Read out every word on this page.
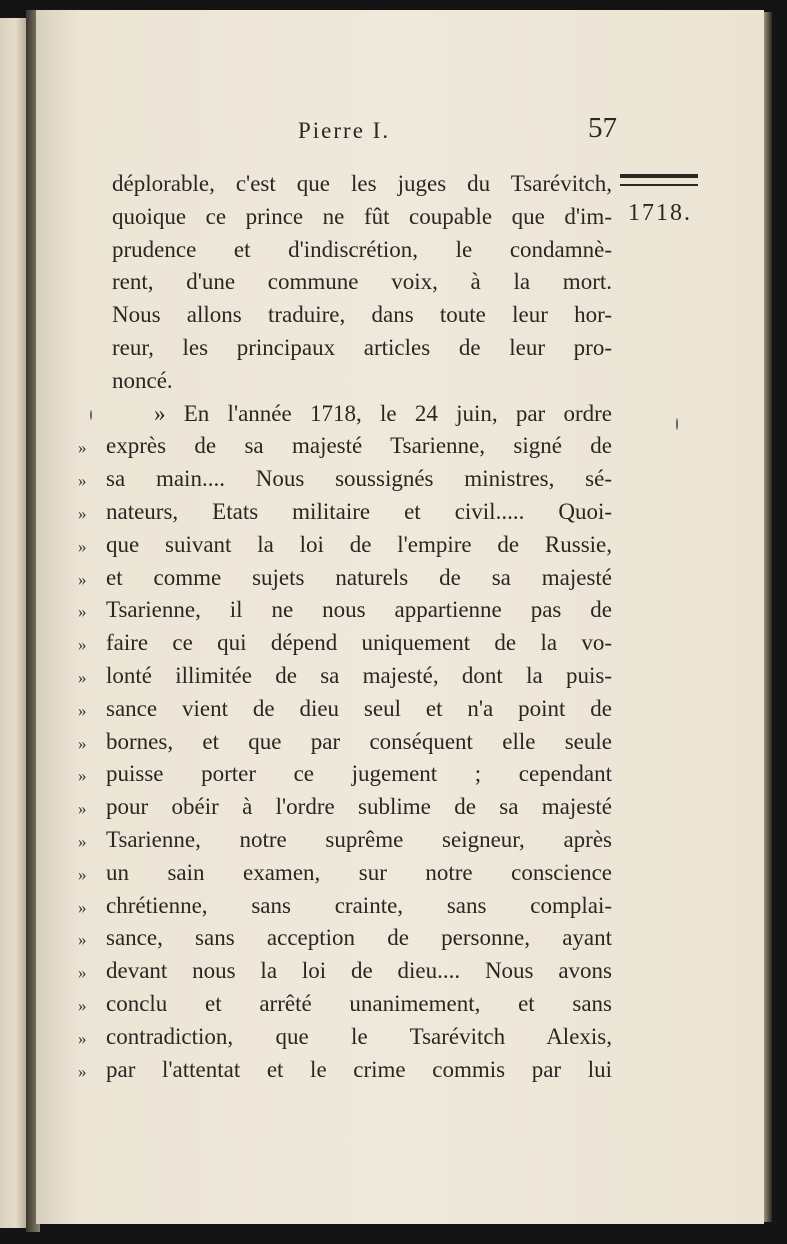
Pierre I.	57
1718.
déplorable, c'est que les juges du Tsarévitch,
quoique ce prince ne fût coupable que d'im-
prudence et d'indiscrétion, le condamnè-
rent, d'une commune voix, à la mort.
Nous allons traduire, dans toute leur hor-
reur, les principaux articles de leur pro-
noncé.
» En l'année 1718, le 24 juin, par ordre
» exprès de sa majesté Tsarienne, signé de
» sa main.... Nous soussignés ministres, sé-
» nateurs, Etats militaire et civil..... Quoi-
» que suivant la loi de l'empire de Russie,
» et comme sujets naturels de sa majesté
» Tsarienne, il ne nous appartienne pas de
» faire ce qui dépend uniquement de la vo-
» lonté illimitée de sa majesté, dont la puis-
» sance vient de dieu seul et n'a point de
» bornes, et que par conséquent elle seule
» puisse porter ce jugement ; cependant
» pour obéir à l'ordre sublime de sa majesté
» Tsarienne, notre suprême seigneur, après
» un sain examen, sur notre conscience
» chrétienne, sans crainte, sans complai-
» sance, sans acception de personne, ayant
» devant nous la loi de dieu.... Nous avons
» conclu et arrêté unanimement, et sans
» contradiction, que le Tsarévitch Alexis,
» par l'attentat et le crime commis par lui
